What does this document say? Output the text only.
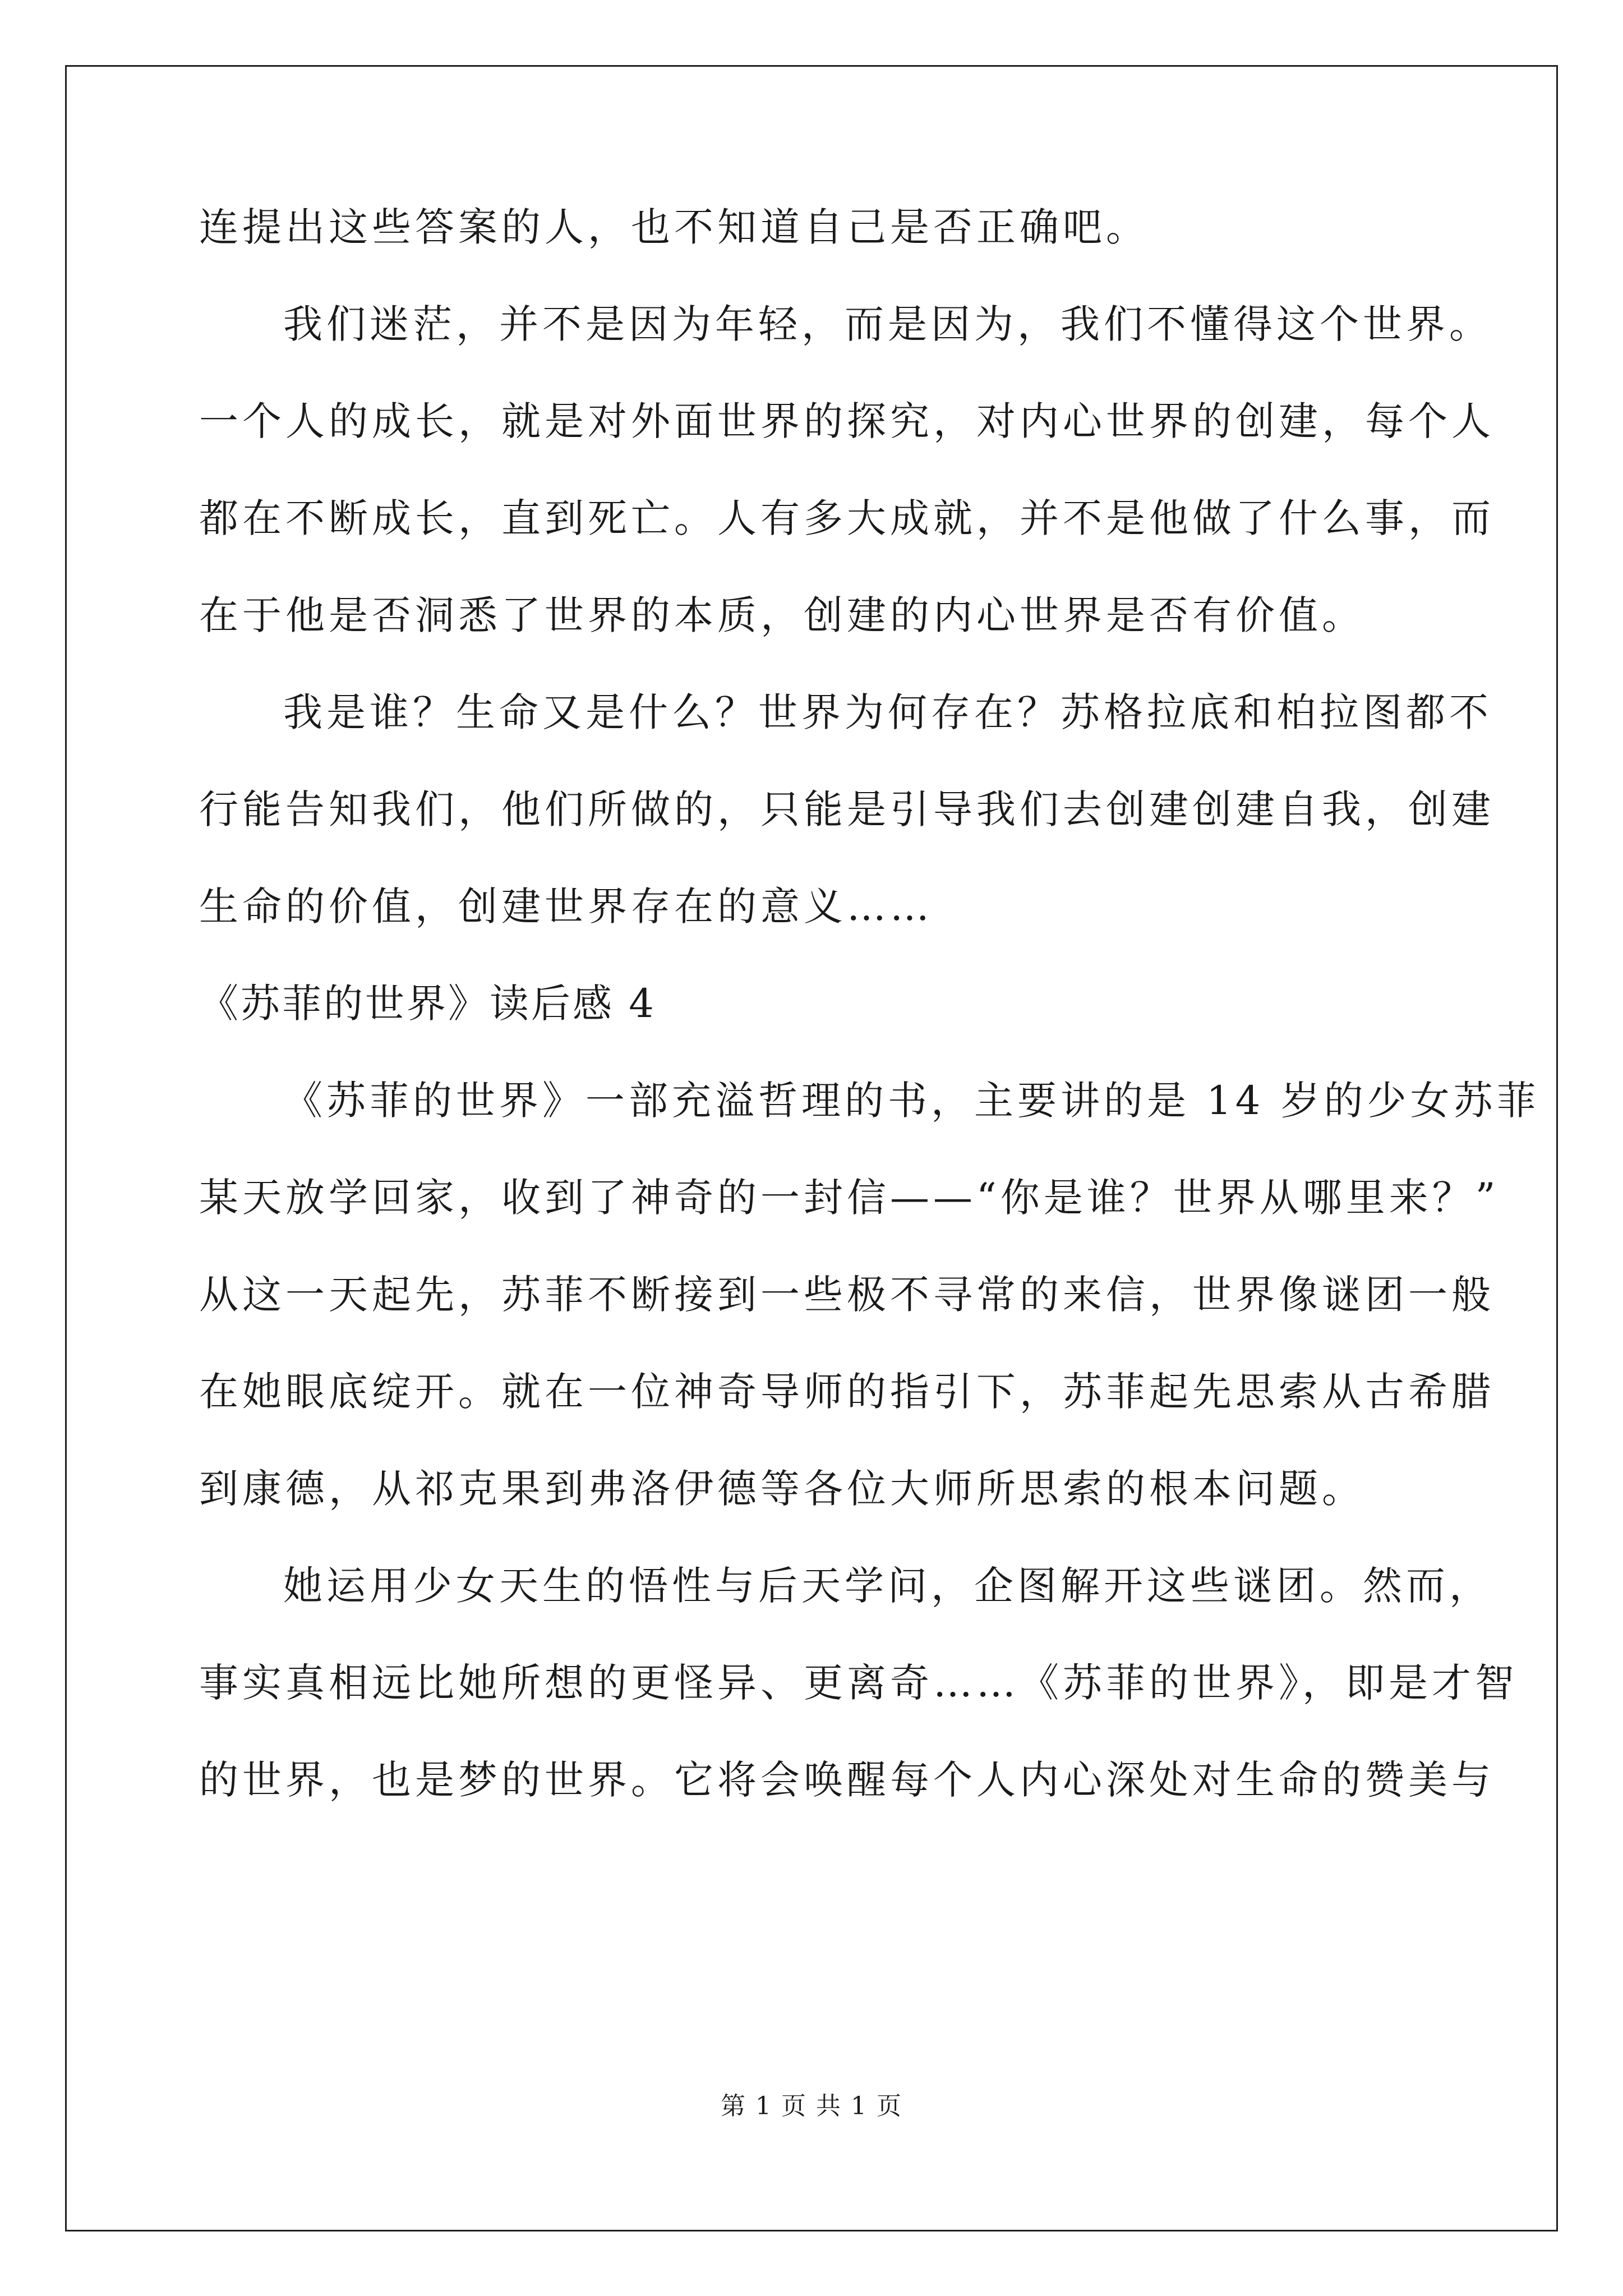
连提出这些答案的人，也不知道自己是否正确吧。
我们迷茫，并不是因为年轻，而是因为，我们不懂得这个世界。
一个人的成长，就是对外面世界的探究，对内心世界的创建，每个人
都在不断成长，直到死亡。人有多大成就，并不是他做了什么事，而
在于他是否洞悉了世界的本质，创建的内心世界是否有价值。
我是谁？生命又是什么？世界为何存在？苏格拉底和柏拉图都不
行能告知我们，他们所做的，只能是引导我们去创建创建自我，创建
生命的价值，创建世界存在的意义……
《苏菲的世界》读后感 4
《苏菲的世界》一部充溢哲理的书，主要讲的是 14 岁的少女苏菲
某天放学回家，收到了神奇的一封信——“你是谁？世界从哪里来？”
从这一天起先，苏菲不断接到一些极不寻常的来信，世界像谜团一般
在她眼底绽开。就在一位神奇导师的指引下，苏菲起先思索从古希腊
到康德，从祁克果到弗洛伊德等各位大师所思索的根本问题。
她运用少女天生的悟性与后天学问，企图解开这些谜团。然而，
事实真相远比她所想的更怪异、更离奇……《苏菲的世界》，即是才智
的世界，也是梦的世界。它将会唤醒每个人内心深处对生命的赞美与
第 1 页 共 1 页
